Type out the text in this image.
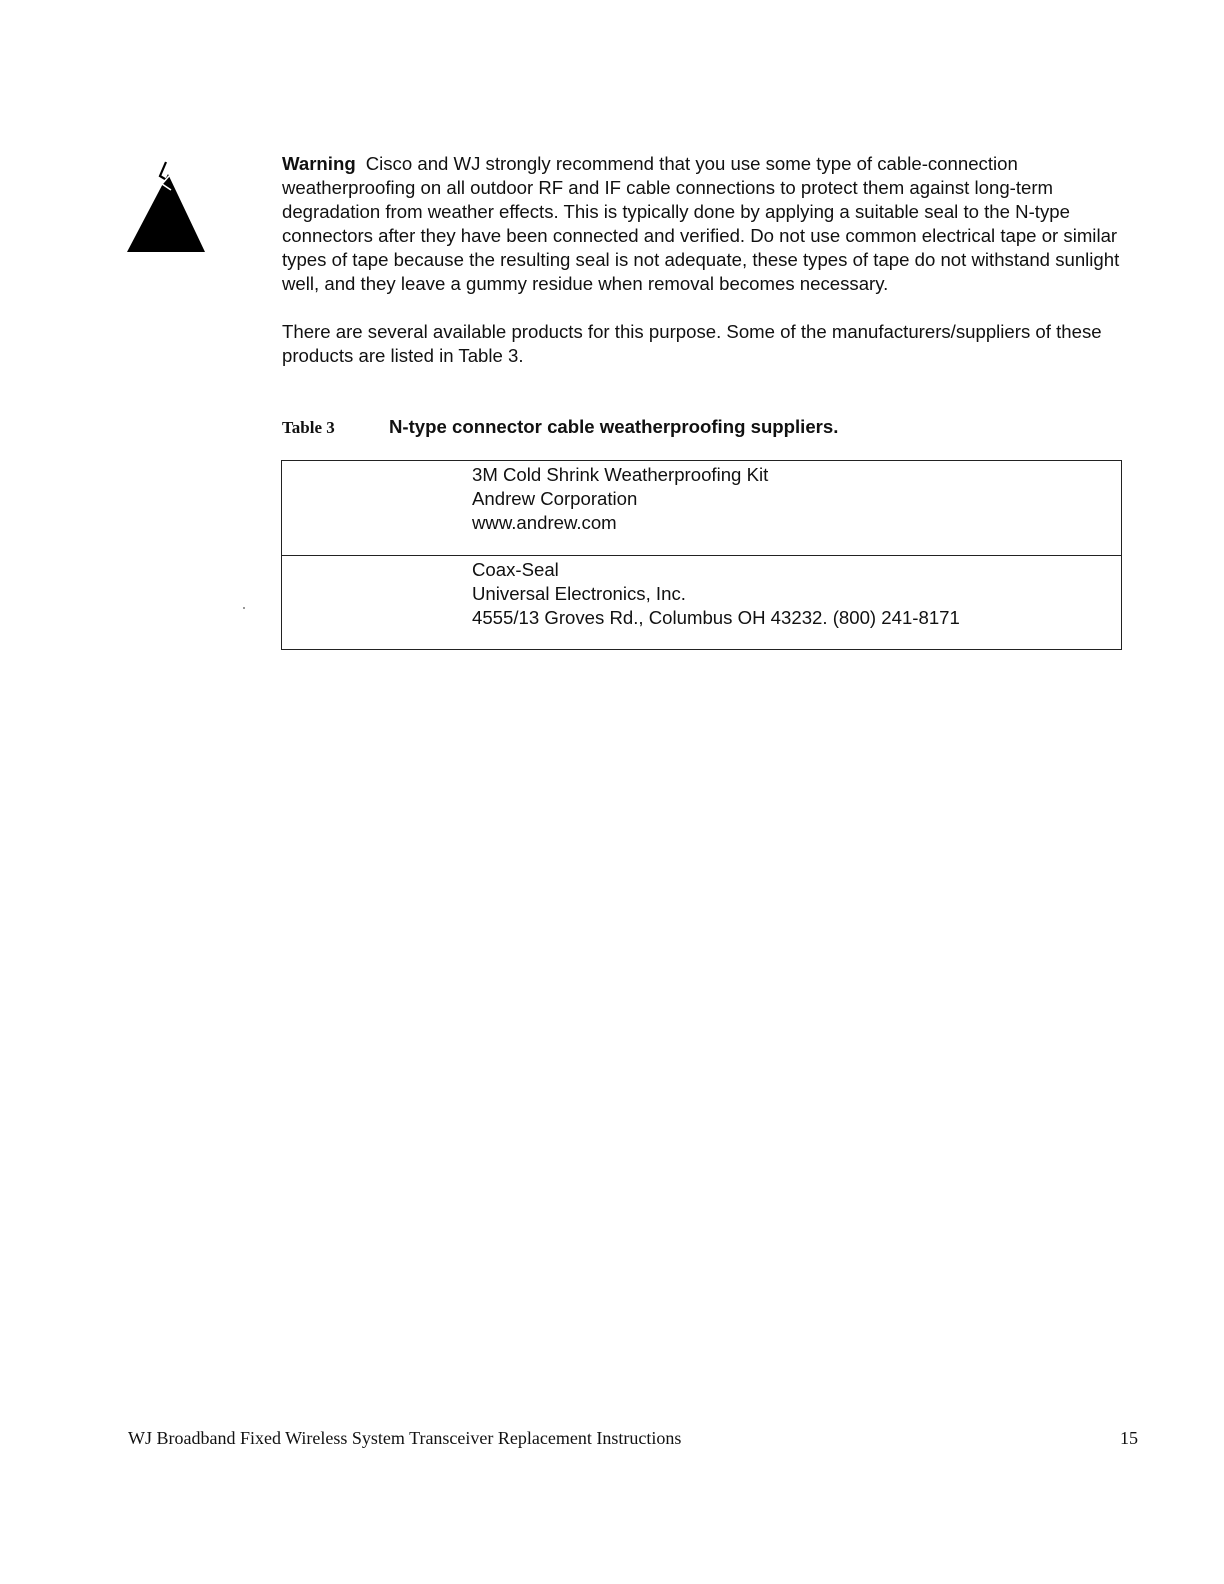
Warning Cisco and WJ strongly recommend that you use some type of cable-connection weatherproofing on all outdoor RF and IF cable connections to protect them against long-term degradation from weather effects. This is typically done by applying a suitable seal to the N-type connectors after they have been connected and verified. Do not use common electrical tape or similar types of tape because the resulting seal is not adequate, these types of tape do not withstand sunlight well, and they leave a gummy residue when removal becomes necessary.
There are several available products for this purpose. Some of the manufacturers/suppliers of these products are listed in Table 3.
Table 3	N-type connector cable weatherproofing suppliers.
3M Cold Shrink Weatherproofing Kit
Andrew Corporation
www.andrew.com
Coax-Seal
Universal Electronics, Inc.
4555/13 Groves Rd., Columbus OH 43232. (800) 241-8171
WJ Broadband Fixed Wireless System Transceiver Replacement Instructions	15
